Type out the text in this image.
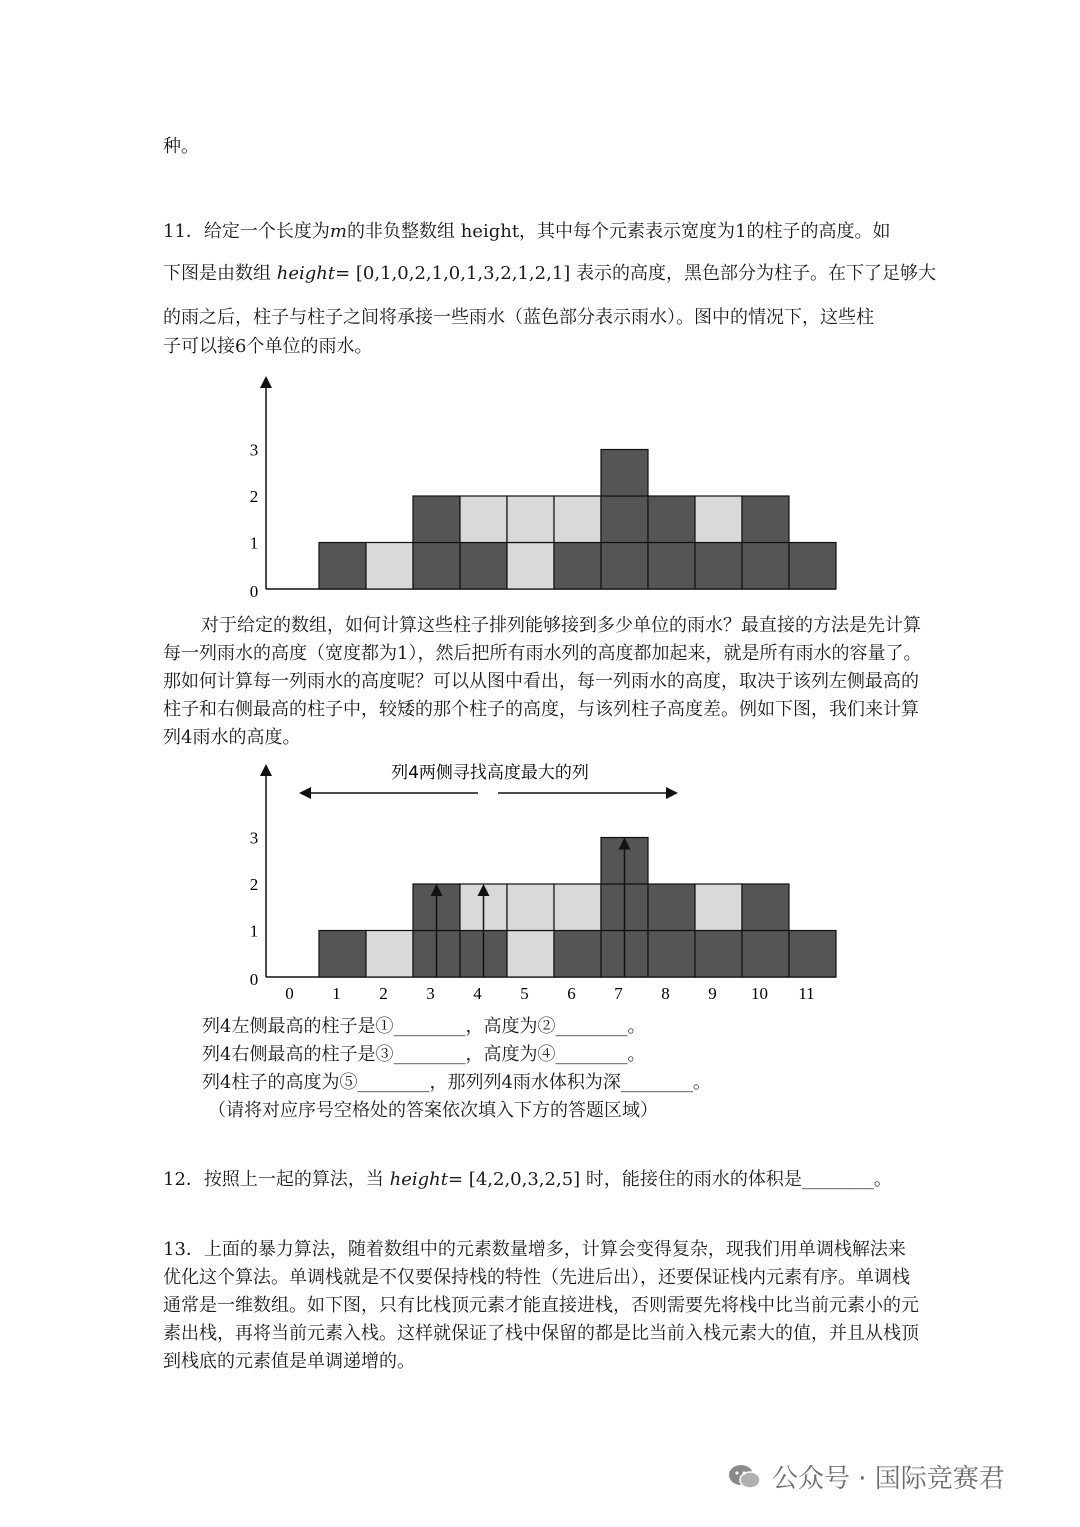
种。

11．给定一个长度为m的非负整数组 height，其中每个元素表示宽度为1的柱子的高度。如

下图是由数组 height= [0,1,0,2,1,0,1,3,2,1,2,1] 表示的高度，黑色部分为柱子。在下了足够大

的雨之后，柱子与柱子之间将承接一些雨水（蓝色部分表示雨水）。图中的情况下，这些柱

子可以接6个单位的雨水。

0
1
2
3

对于给定的数组，如何计算这些柱子排列能够接到多少单位的雨水？最直接的方法是先计算每一列雨水的高度（宽度都为1），然后把所有雨水列的高度都加起来，就是所有雨水的容量了。那如何计算每一列雨水的高度呢？可以从图中看出，每一列雨水的高度，取决于该列左侧最高的柱子和右侧最高的柱子中，较矮的那个柱子的高度，与该列柱子高度差。例如下图，我们来计算列4雨水的高度。

0
1
2
3
0 1 2 3 4 5 6 7 8 9 10 11
列4两侧寻找高度最大的列

列4左侧最高的柱子是①________，高度为②________。

列4右侧最高的柱子是③________，高度为④________。

列4柱子的高度为⑤________，那列列4雨水体积为深________。

（请将对应序号空格处的答案依次填入下方的答题区域）

12．按照上一起的算法，当 height= [4,2,0,3,2,5] 时，能接住的雨水的体积是________。

13．上面的暴力算法，随着数组中的元素数量增多，计算会变得复杂，现我们用单调栈解法来优化这个算法。单调栈就是不仅要保持栈的特性（先进后出），还要保证栈内元素有序。单调栈通常是一维数组。如下图，只有比栈顶元素才能直接进栈，否则需要先将栈中比当前元素小的元素出栈，再将当前元素入栈。这样就保证了栈中保留的都是比当前入栈元素大的值，并且从栈顶到栈底的元素值是单调递增的。

公众号 · 国际竞赛君
